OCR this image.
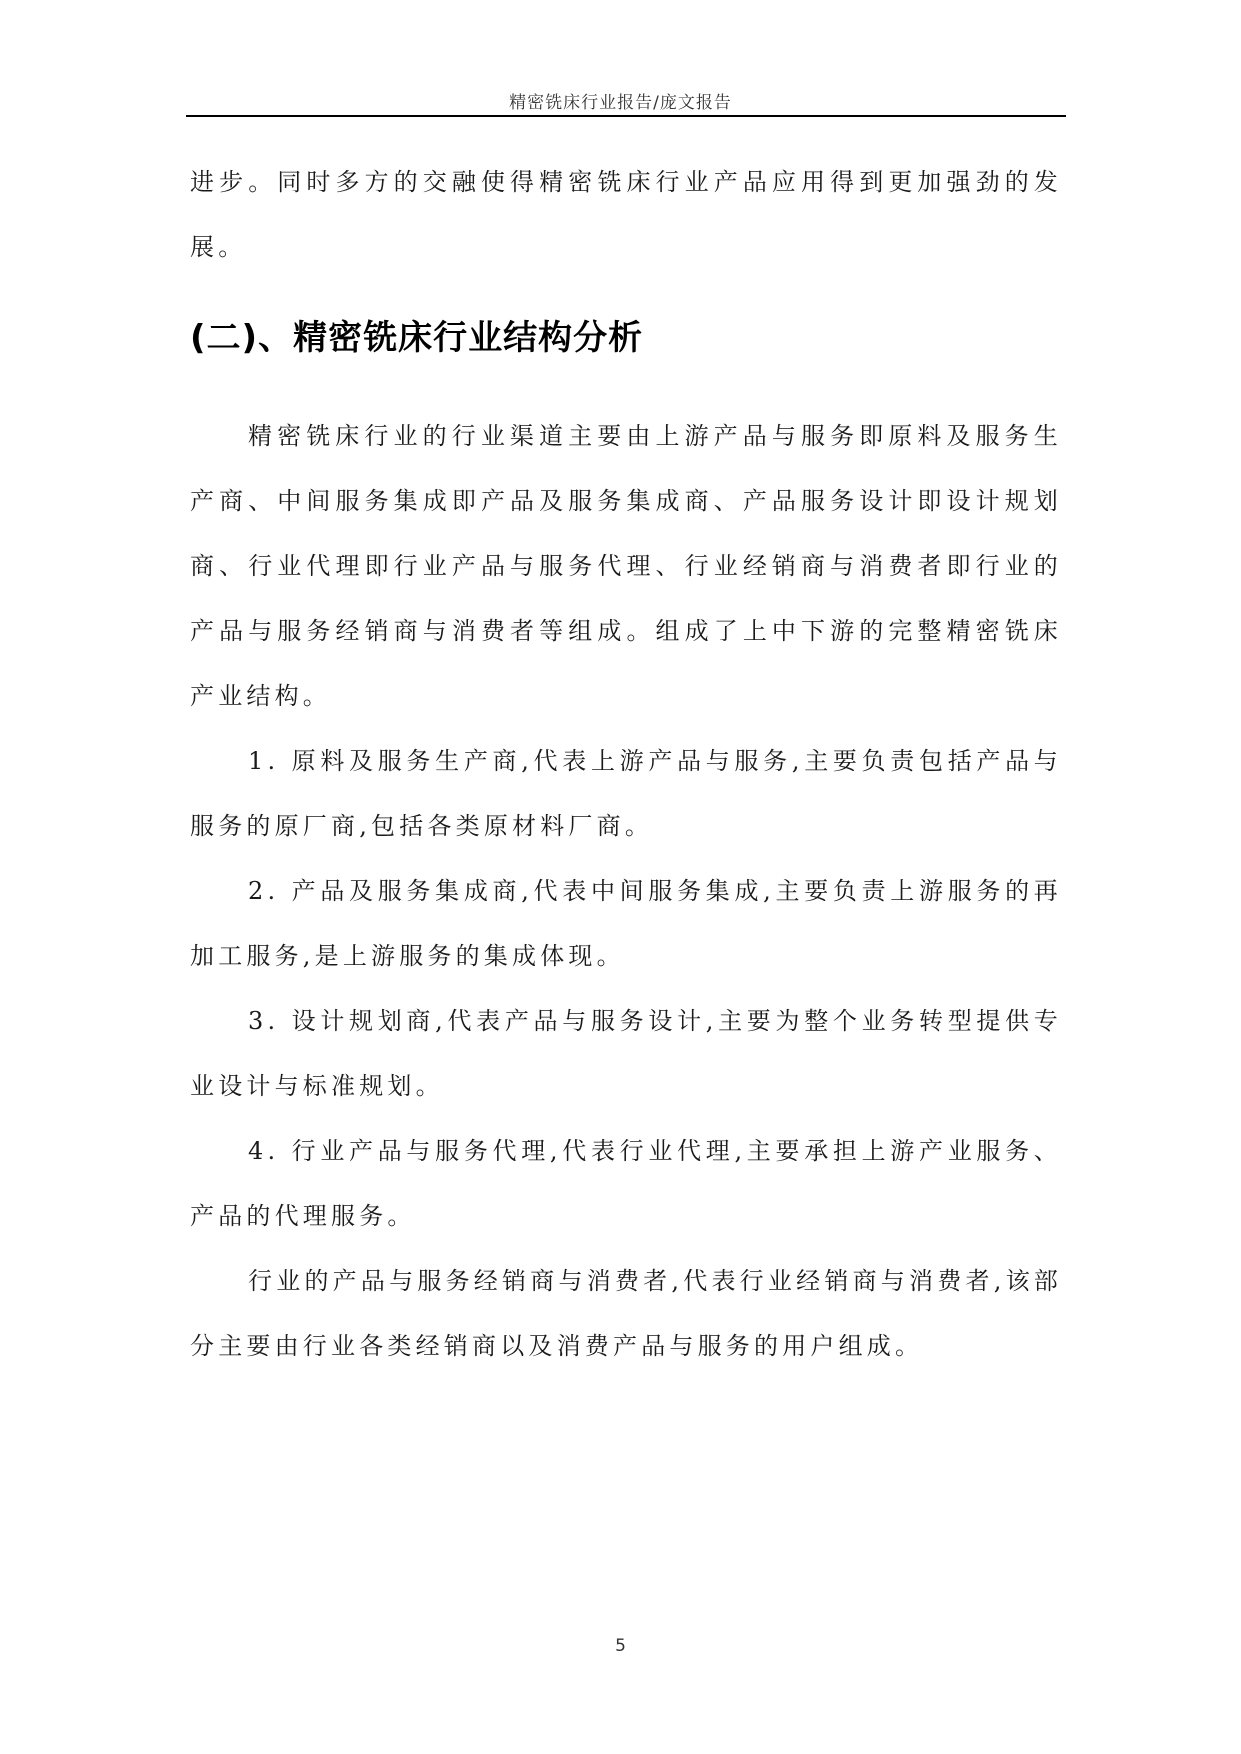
精密铣床行业报告/庞文报告

进步。同时多方的交融使得精密铣床行业产品应用得到更加强劲的发展。

(二)、精密铣床行业结构分析

精密铣床行业的行业渠道主要由上游产品与服务即原料及服务生产商、中间服务集成即产品及服务集成商、产品服务设计即设计规划商、行业代理即行业产品与服务代理、行业经销商与消费者即行业的产品与服务经销商与消费者等组成。组成了上中下游的完整精密铣床产业结构。

1. 原料及服务生产商,代表上游产品与服务,主要负责包括产品与服务的原厂商,包括各类原材料厂商。

2. 产品及服务集成商,代表中间服务集成,主要负责上游服务的再加工服务,是上游服务的集成体现。

3. 设计规划商,代表产品与服务设计,主要为整个业务转型提供专业设计与标准规划。

4. 行业产品与服务代理,代表行业代理,主要承担上游产业服务、产品的代理服务。

行业的产品与服务经销商与消费者,代表行业经销商与消费者,该部分主要由行业各类经销商以及消费产品与服务的用户组成。

5
